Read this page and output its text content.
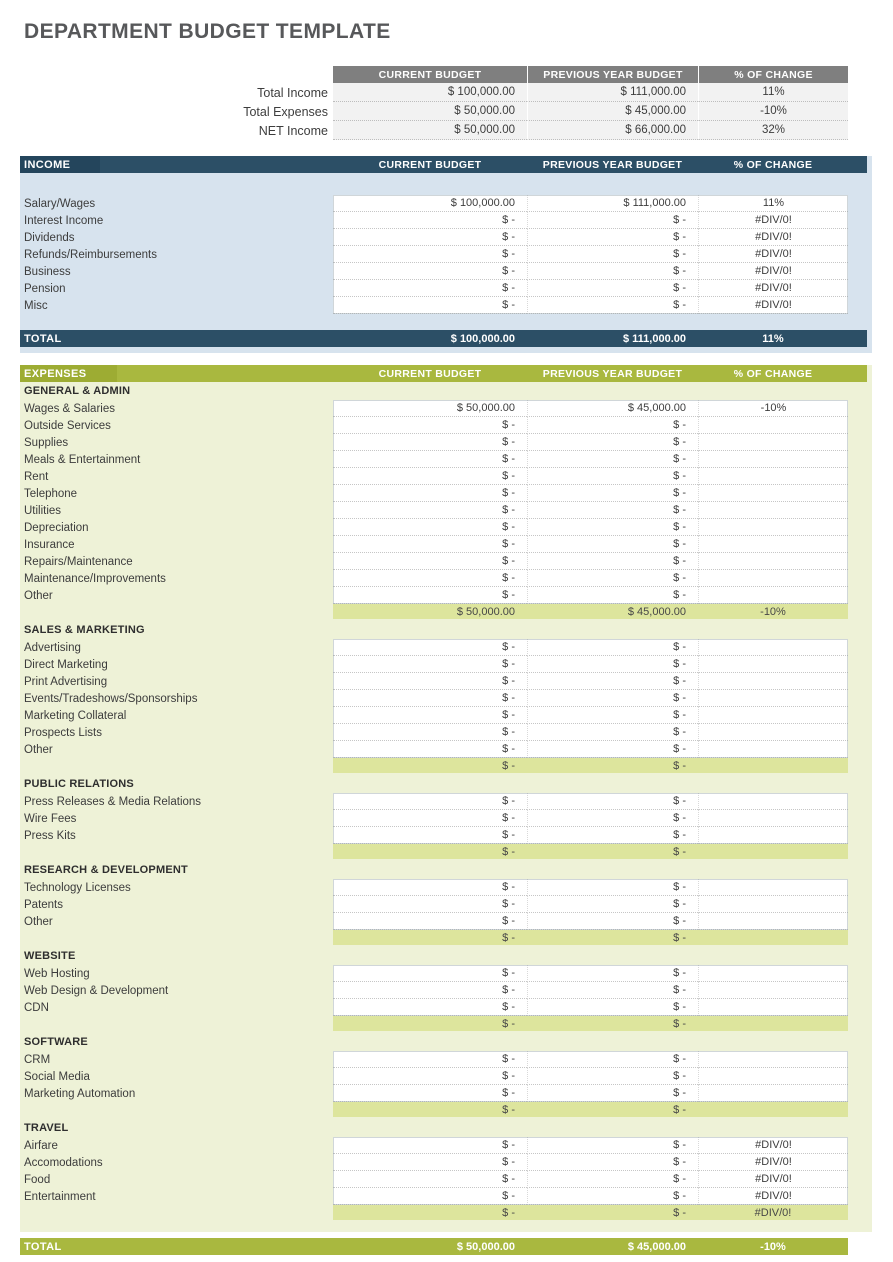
DEPARTMENT BUDGET TEMPLATE
CURRENT BUDGET	PREVIOUS YEAR BUDGET	% OF CHANGE
Total Income	$ 100,000.00	$ 111,000.00	11%
Total Expenses	$ 50,000.00	$ 45,000.00	-10%
NET Income	$ 50,000.00	$ 66,000.00	32%
INCOME	CURRENT BUDGET	PREVIOUS YEAR BUDGET	% OF CHANGE
Salary/Wages	$ 100,000.00	$ 111,000.00	11%
Interest Income	$ -	$ -	#DIV/0!
Dividends	$ -	$ -	#DIV/0!
Refunds/Reimbursements	$ -	$ -	#DIV/0!
Business	$ -	$ -	#DIV/0!
Pension	$ -	$ -	#DIV/0!
Misc	$ -	$ -	#DIV/0!
TOTAL	$ 100,000.00	$ 111,000.00	11%
EXPENSES	CURRENT BUDGET	PREVIOUS YEAR BUDGET	% OF CHANGE
GENERAL & ADMIN
Wages & Salaries	$ 50,000.00	$ 45,000.00	-10%
Outside Services	$ -	$ -
Supplies	$ -	$ -
Meals & Entertainment	$ -	$ -
Rent	$ -	$ -
Telephone	$ -	$ -
Utilities	$ -	$ -
Depreciation	$ -	$ -
Insurance	$ -	$ -
Repairs/Maintenance	$ -	$ -
Maintenance/Improvements	$ -	$ -
Other	$ -	$ -
$ 50,000.00	$ 45,000.00	-10%
SALES & MARKETING
Advertising	$ -	$ -
Direct Marketing	$ -	$ -
Print Advertising	$ -	$ -
Events/Tradeshows/Sponsorships	$ -	$ -
Marketing Collateral	$ -	$ -
Prospects Lists	$ -	$ -
Other	$ -	$ -
$ -	$ -
PUBLIC RELATIONS
Press Releases & Media Relations	$ -	$ -
Wire Fees	$ -	$ -
Press Kits	$ -	$ -
$ -	$ -
RESEARCH & DEVELOPMENT
Technology Licenses	$ -	$ -
Patents	$ -	$ -
Other	$ -	$ -
$ -	$ -
WEBSITE
Web Hosting	$ -	$ -
Web Design & Development	$ -	$ -
CDN	$ -	$ -
$ -	$ -
SOFTWARE
CRM	$ -	$ -
Social Media	$ -	$ -
Marketing Automation	$ -	$ -
$ -	$ -
TRAVEL
Airfare	$ -	$ -	#DIV/0!
Accomodations	$ -	$ -	#DIV/0!
Food	$ -	$ -	#DIV/0!
Entertainment	$ -	$ -	#DIV/0!
$ -	$ -	#DIV/0!
TOTAL	$ 50,000.00	$ 45,000.00	-10%
